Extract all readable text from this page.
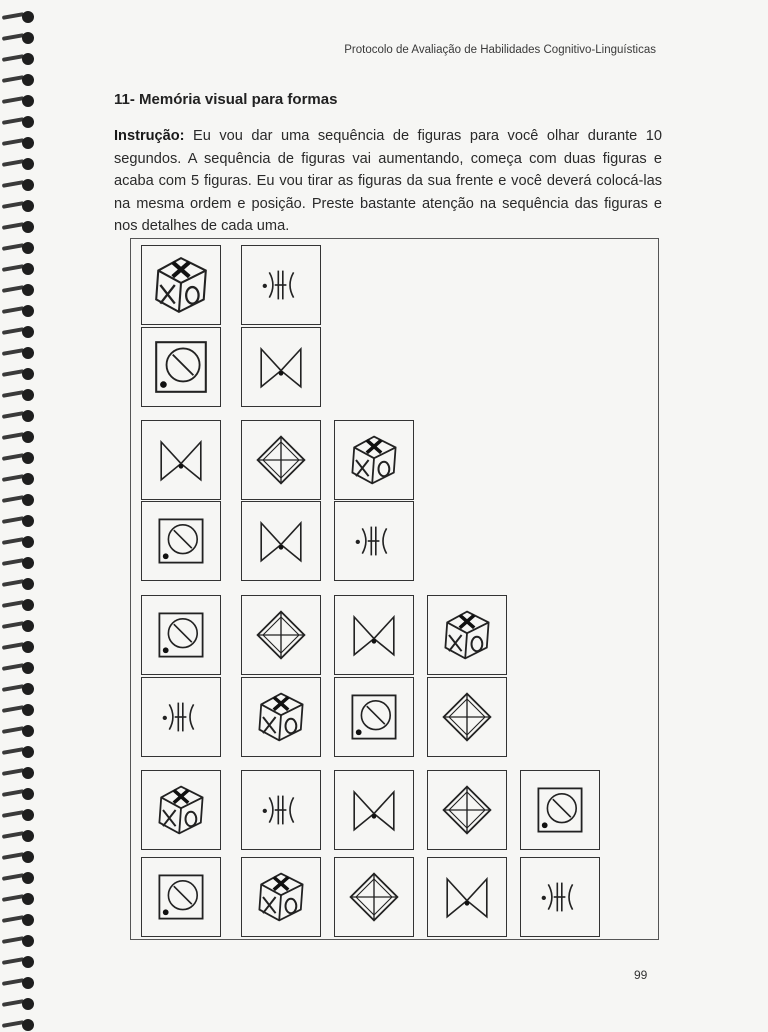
Protocolo de Avaliação de Habilidades Cognitivo-Linguísticas
11- Memória visual para formas
Instrução: Eu vou dar uma sequência de figuras para você olhar durante 10 segundos. A sequência de figuras vai aumentando, começa com duas figuras e acaba com 5 figuras. Eu vou tirar as figuras da sua frente e você deverá colocá-las na mesma ordem e posição. Preste bastante atenção na sequência das figuras e nos detalhes de cada uma.
99
